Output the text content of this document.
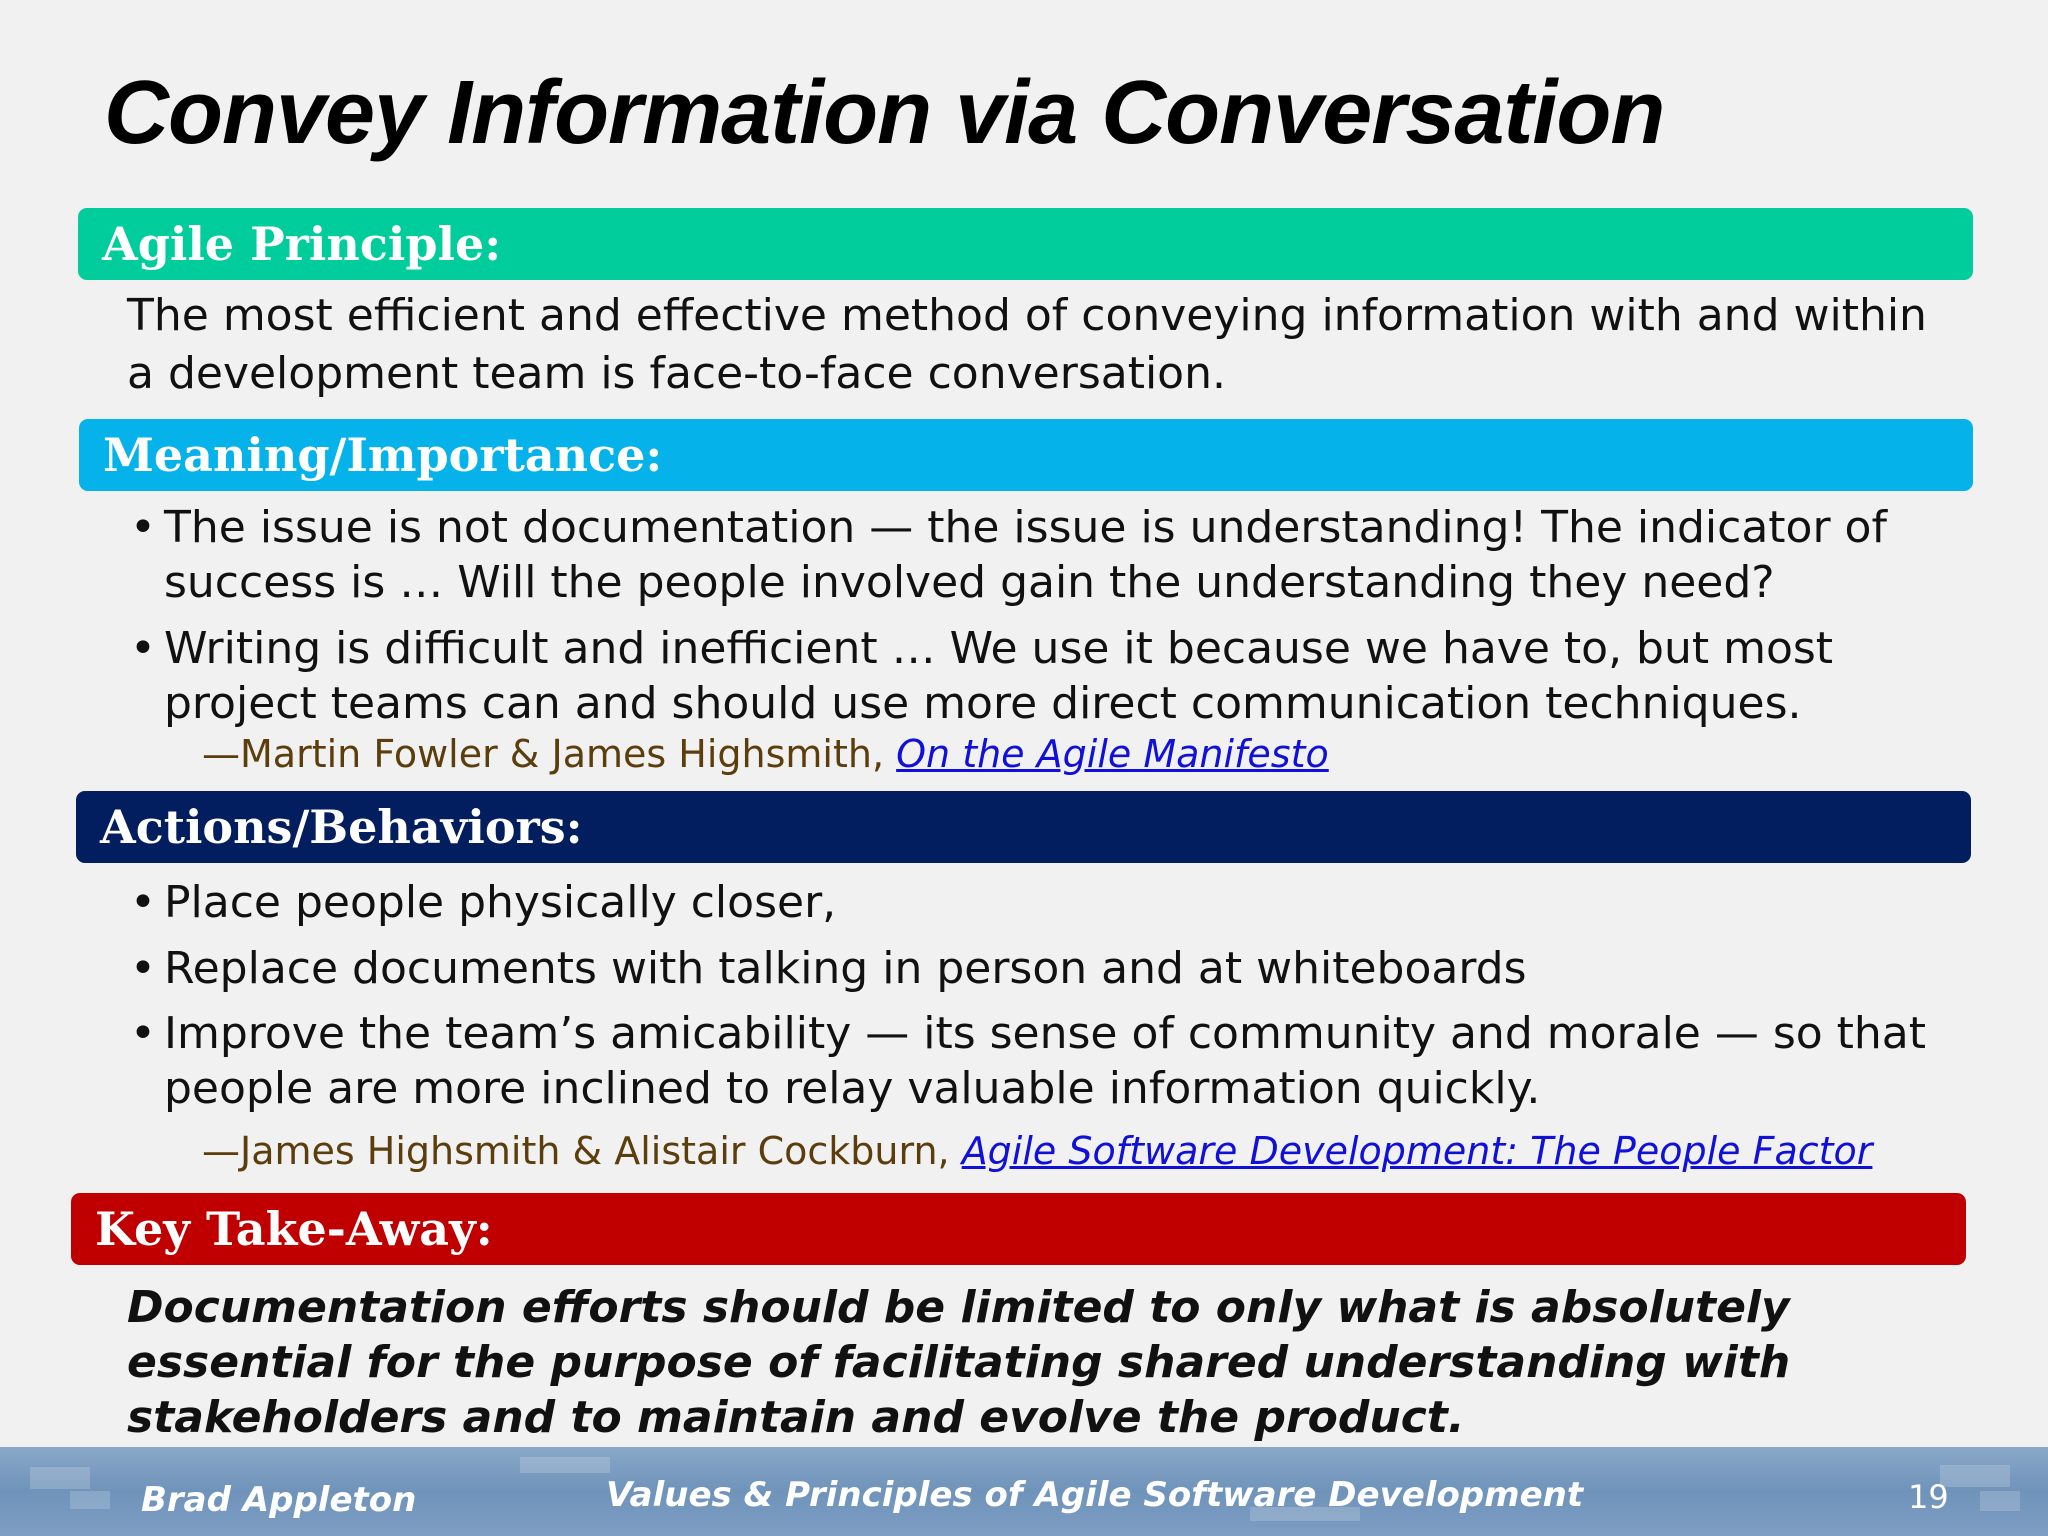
Convey Information via Conversation
Agile Principle:
The most efficient and effective method of conveying information with and within a development team is face-to-face conversation.
Meaning/Importance:
• The issue is not documentation — the issue is understanding! The indicator of success is … Will the people involved gain the understanding they need?
• Writing is difficult and inefficient … We use it because we have to, but most project teams can and should use more direct communication techniques.
—Martin Fowler & James Highsmith, On the Agile Manifesto
Actions/Behaviors:
• Place people physically closer,
• Replace documents with talking in person and at whiteboards
• Improve the team’s amicability — its sense of community and morale — so that people are more inclined to relay valuable information quickly.
—James Highsmith & Alistair Cockburn, Agile Software Development: The People Factor
Key Take-Away:
Documentation efforts should be limited to only what is absolutely essential for the purpose of facilitating shared understanding with stakeholders and to maintain and evolve the product.
Brad Appleton	Values & Principles of Agile Software Development	19
